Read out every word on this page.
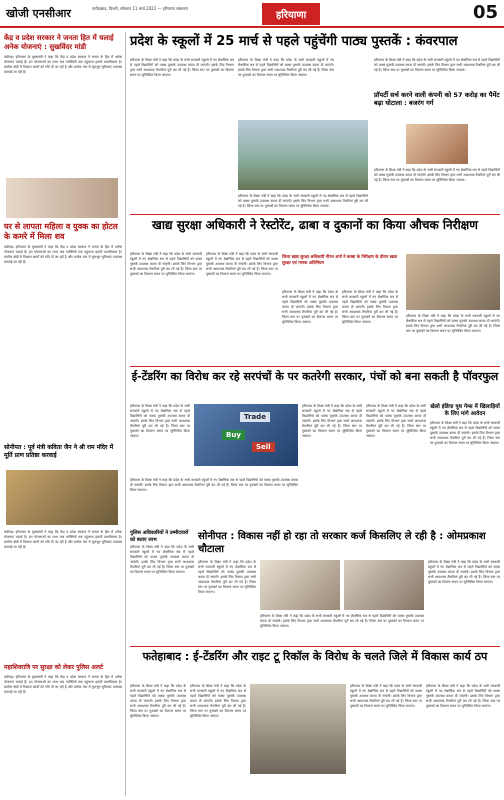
खोजी एनसीआर	फरीदाबाद, दिल्ली, सोमवार 11 मार्च 2022 — हरियाणा संस्करण
हरियाणा	05
केंद्र व प्रदेश सरकार ने जनता हित में चलाई अनेक योजनाएं : सुखविंदर मांडी
चंडीगढ़। हरियाणा के मुख्यमंत्री ने कहा कि केंद्र व प्रदेश सरकार ने जनता के हित में अनेक योजनाएं चलाई हैं। इन योजनाओं का लाभ पात्र व्यक्तियों तक पहुंचाना हमारी प्राथमिकता है। ग्रामीण क्षेत्रों में विकास कार्यों को गति दी जा रही है और प्रत्येक गांव में मूलभूत सुविधाएं उपलब्ध करवाई जा रही हैं।
घर से लापता महिला व युवक का होटल के कमरे में मिला शव
चंडीगढ़। हरियाणा के मुख्यमंत्री ने कहा कि केंद्र व प्रदेश सरकार ने जनता के हित में अनेक योजनाएं चलाई हैं। इन योजनाओं का लाभ पात्र व्यक्तियों तक पहुंचाना हमारी प्राथमिकता है। ग्रामीण क्षेत्रों में विकास कार्यों को गति दी जा रही है और प्रत्येक गांव में मूलभूत सुविधाएं उपलब्ध करवाई जा रही हैं।
सोनीपत : पूर्व मंत्री कविता जैन ने श्री राम मंदिर में मूर्ति प्राण प्रतिष्ठा करवाई
चंडीगढ़। हरियाणा के मुख्यमंत्री ने कहा कि केंद्र व प्रदेश सरकार ने जनता के हित में अनेक योजनाएं चलाई हैं। इन योजनाओं का लाभ पात्र व्यक्तियों तक पहुंचाना हमारी प्राथमिकता है। ग्रामीण क्षेत्रों में विकास कार्यों को गति दी जा रही है और प्रत्येक गांव में मूलभूत सुविधाएं उपलब्ध करवाई जा रही हैं।
महाशिवरात्रि पर सुरक्षा को लेकर पुलिस अलर्ट
चंडीगढ़। हरियाणा के मुख्यमंत्री ने कहा कि केंद्र व प्रदेश सरकार ने जनता के हित में अनेक योजनाएं चलाई हैं। इन योजनाओं का लाभ पात्र व्यक्तियों तक पहुंचाना हमारी प्राथमिकता है। ग्रामीण क्षेत्रों में विकास कार्यों को गति दी जा रही है और प्रत्येक गांव में मूलभूत सुविधाएं उपलब्ध करवाई जा रही हैं।
प्रदेश के स्कूलों में 25 मार्च से पहले पहुंचेंगी पाठ्य पुस्तकें : कंवरपाल
हरियाणा के शिक्षा मंत्री ने कहा कि प्रदेश के सभी सरकारी स्कूलों में नए शैक्षणिक सत्र से पहले विद्यार्थियों को पाठ्य पुस्तकें उपलब्ध करवा दी जाएंगी। इसके लिए विभाग द्वारा सभी आवश्यक तैयारियां पूरी कर ली गई हैं। जिला स्तर पर पुस्तकों का वितरण समय पर सुनिश्चित किया जाएगा।
हरियाणा के शिक्षा मंत्री ने कहा कि प्रदेश के सभी सरकारी स्कूलों में नए शैक्षणिक सत्र से पहले विद्यार्थियों को पाठ्य पुस्तकें उपलब्ध करवा दी जाएंगी। इसके लिए विभाग द्वारा सभी आवश्यक तैयारियां पूरी कर ली गई हैं। जिला स्तर पर पुस्तकों का वितरण समय पर सुनिश्चित किया जाएगा।
हरियाणा के शिक्षा मंत्री ने कहा कि प्रदेश के सभी सरकारी स्कूलों में नए शैक्षणिक सत्र से पहले विद्यार्थियों को पाठ्य पुस्तकें उपलब्ध करवा दी जाएंगी। इसके लिए विभाग द्वारा सभी आवश्यक तैयारियां पूरी कर ली गई हैं। जिला स्तर पर पुस्तकों का वितरण समय पर सुनिश्चित किया जाएगा।
हरियाणा के शिक्षा मंत्री ने कहा कि प्रदेश के सभी सरकारी स्कूलों में नए शैक्षणिक सत्र से पहले विद्यार्थियों को पाठ्य पुस्तकें उपलब्ध करवा दी जाएंगी। इसके लिए विभाग द्वारा सभी आवश्यक तैयारियां पूरी कर ली गई हैं। जिला स्तर पर पुस्तकों का वितरण समय पर सुनिश्चित किया जाएगा।
प्रॉपर्टी सर्च करने वाली कंपनी को 57 करोड़ का पैमेंट बढ़ा घोटाला : बजरंग गर्ग
हरियाणा के शिक्षा मंत्री ने कहा कि प्रदेश के सभी सरकारी स्कूलों में नए शैक्षणिक सत्र से पहले विद्यार्थियों को पाठ्य पुस्तकें उपलब्ध करवा दी जाएंगी। इसके लिए विभाग द्वारा सभी आवश्यक तैयारियां पूरी कर ली गई हैं। जिला स्तर पर पुस्तकों का वितरण समय पर सुनिश्चित किया जाएगा।
खाद्य सुरक्षा अधिकारी ने रेस्टोरेंट, ढाबा व दुकानों का किया औचक निरीक्षण
हरियाणा के शिक्षा मंत्री ने कहा कि प्रदेश के सभी सरकारी स्कूलों में नए शैक्षणिक सत्र से पहले विद्यार्थियों को पाठ्य पुस्तकें उपलब्ध करवा दी जाएंगी। इसके लिए विभाग द्वारा सभी आवश्यक तैयारियां पूरी कर ली गई हैं। जिला स्तर पर पुस्तकों का वितरण समय पर सुनिश्चित किया जाएगा।
हरियाणा के शिक्षा मंत्री ने कहा कि प्रदेश के सभी सरकारी स्कूलों में नए शैक्षणिक सत्र से पहले विद्यार्थियों को पाठ्य पुस्तकें उपलब्ध करवा दी जाएंगी। इसके लिए विभाग द्वारा सभी आवश्यक तैयारियां पूरी कर ली गई हैं। जिला स्तर पर पुस्तकों का वितरण समय पर सुनिश्चित किया जाएगा।
जिला खाद्य सुरक्षा अधिकारी नीरज शर्मा ने कस्बा के निरीक्षण के दौरान खाद्य सुरक्षा एवं मानक अधिनियम
हरियाणा के शिक्षा मंत्री ने कहा कि प्रदेश के सभी सरकारी स्कूलों में नए शैक्षणिक सत्र से पहले विद्यार्थियों को पाठ्य पुस्तकें उपलब्ध करवा दी जाएंगी। इसके लिए विभाग द्वारा सभी आवश्यक तैयारियां पूरी कर ली गई हैं। जिला स्तर पर पुस्तकों का वितरण समय पर सुनिश्चित किया जाएगा।
हरियाणा के शिक्षा मंत्री ने कहा कि प्रदेश के सभी सरकारी स्कूलों में नए शैक्षणिक सत्र से पहले विद्यार्थियों को पाठ्य पुस्तकें उपलब्ध करवा दी जाएंगी। इसके लिए विभाग द्वारा सभी आवश्यक तैयारियां पूरी कर ली गई हैं। जिला स्तर पर पुस्तकों का वितरण समय पर सुनिश्चित किया जाएगा।
हरियाणा के शिक्षा मंत्री ने कहा कि प्रदेश के सभी सरकारी स्कूलों में नए शैक्षणिक सत्र से पहले विद्यार्थियों को पाठ्य पुस्तकें उपलब्ध करवा दी जाएंगी। इसके लिए विभाग द्वारा सभी आवश्यक तैयारियां पूरी कर ली गई हैं। जिला स्तर पर पुस्तकों का वितरण समय पर सुनिश्चित किया जाएगा।
ई-टेंडरिंग का विरोध कर रहे सरपंचों के पर कतरेगी सरकार, पंचों को बना सकती है पॉवरफुल
हरियाणा के शिक्षा मंत्री ने कहा कि प्रदेश के सभी सरकारी स्कूलों में नए शैक्षणिक सत्र से पहले विद्यार्थियों को पाठ्य पुस्तकें उपलब्ध करवा दी जाएंगी। इसके लिए विभाग द्वारा सभी आवश्यक तैयारियां पूरी कर ली गई हैं। जिला स्तर पर पुस्तकों का वितरण समय पर सुनिश्चित किया जाएगा।
Trade
Buy
Sell
हरियाणा के शिक्षा मंत्री ने कहा कि प्रदेश के सभी सरकारी स्कूलों में नए शैक्षणिक सत्र से पहले विद्यार्थियों को पाठ्य पुस्तकें उपलब्ध करवा दी जाएंगी। इसके लिए विभाग द्वारा सभी आवश्यक तैयारियां पूरी कर ली गई हैं। जिला स्तर पर पुस्तकों का वितरण समय पर सुनिश्चित किया जाएगा।
हरियाणा के शिक्षा मंत्री ने कहा कि प्रदेश के सभी सरकारी स्कूलों में नए शैक्षणिक सत्र से पहले विद्यार्थियों को पाठ्य पुस्तकें उपलब्ध करवा दी जाएंगी। इसके लिए विभाग द्वारा सभी आवश्यक तैयारियां पूरी कर ली गई हैं। जिला स्तर पर पुस्तकों का वितरण समय पर सुनिश्चित किया जाएगा।
हरियाणा के शिक्षा मंत्री ने कहा कि प्रदेश के सभी सरकारी स्कूलों में नए शैक्षणिक सत्र से पहले विद्यार्थियों को पाठ्य पुस्तकें उपलब्ध करवा दी जाएंगी। इसके लिए विभाग द्वारा सभी आवश्यक तैयारियां पूरी कर ली गई हैं। जिला स्तर पर पुस्तकों का वितरण समय पर सुनिश्चित किया जाएगा।
खेलो इंडिया यूथ गेम्स में खिलाड़ियों के लिए मांगे आवेदन
हरियाणा के शिक्षा मंत्री ने कहा कि प्रदेश के सभी सरकारी स्कूलों में नए शैक्षणिक सत्र से पहले विद्यार्थियों को पाठ्य पुस्तकें उपलब्ध करवा दी जाएंगी। इसके लिए विभाग द्वारा सभी आवश्यक तैयारियां पूरी कर ली गई हैं। जिला स्तर पर पुस्तकों का वितरण समय पर सुनिश्चित किया जाएगा।
पुलिस अधिकारियों ने उम्मीदवारों को बताए लाभ
हरियाणा के शिक्षा मंत्री ने कहा कि प्रदेश के सभी सरकारी स्कूलों में नए शैक्षणिक सत्र से पहले विद्यार्थियों को पाठ्य पुस्तकें उपलब्ध करवा दी जाएंगी। इसके लिए विभाग द्वारा सभी आवश्यक तैयारियां पूरी कर ली गई हैं। जिला स्तर पर पुस्तकों का वितरण समय पर सुनिश्चित किया जाएगा।
सोनीपत : विकास नहीं हो रहा तो सरकार कर्ज किसलिए ले रही है : ओमप्रकाश चौटाला
हरियाणा के शिक्षा मंत्री ने कहा कि प्रदेश के सभी सरकारी स्कूलों में नए शैक्षणिक सत्र से पहले विद्यार्थियों को पाठ्य पुस्तकें उपलब्ध करवा दी जाएंगी। इसके लिए विभाग द्वारा सभी आवश्यक तैयारियां पूरी कर ली गई हैं। जिला स्तर पर पुस्तकों का वितरण समय पर सुनिश्चित किया जाएगा।
हरियाणा के शिक्षा मंत्री ने कहा कि प्रदेश के सभी सरकारी स्कूलों में नए शैक्षणिक सत्र से पहले विद्यार्थियों को पाठ्य पुस्तकें उपलब्ध करवा दी जाएंगी। इसके लिए विभाग द्वारा सभी आवश्यक तैयारियां पूरी कर ली गई हैं। जिला स्तर पर पुस्तकों का वितरण समय पर सुनिश्चित किया जाएगा।
हरियाणा के शिक्षा मंत्री ने कहा कि प्रदेश के सभी सरकारी स्कूलों में नए शैक्षणिक सत्र से पहले विद्यार्थियों को पाठ्य पुस्तकें उपलब्ध करवा दी जाएंगी। इसके लिए विभाग द्वारा सभी आवश्यक तैयारियां पूरी कर ली गई हैं। जिला स्तर पर पुस्तकों का वितरण समय पर सुनिश्चित किया जाएगा।
फतेहाबाद : ई-टेंडरिंग और राइट टू रिकॉल के विरोध के चलते जिले में विकास कार्य ठप
हरियाणा के शिक्षा मंत्री ने कहा कि प्रदेश के सभी सरकारी स्कूलों में नए शैक्षणिक सत्र से पहले विद्यार्थियों को पाठ्य पुस्तकें उपलब्ध करवा दी जाएंगी। इसके लिए विभाग द्वारा सभी आवश्यक तैयारियां पूरी कर ली गई हैं। जिला स्तर पर पुस्तकों का वितरण समय पर सुनिश्चित किया जाएगा।
हरियाणा के शिक्षा मंत्री ने कहा कि प्रदेश के सभी सरकारी स्कूलों में नए शैक्षणिक सत्र से पहले विद्यार्थियों को पाठ्य पुस्तकें उपलब्ध करवा दी जाएंगी। इसके लिए विभाग द्वारा सभी आवश्यक तैयारियां पूरी कर ली गई हैं। जिला स्तर पर पुस्तकों का वितरण समय पर सुनिश्चित किया जाएगा।
हरियाणा के शिक्षा मंत्री ने कहा कि प्रदेश के सभी सरकारी स्कूलों में नए शैक्षणिक सत्र से पहले विद्यार्थियों को पाठ्य पुस्तकें उपलब्ध करवा दी जाएंगी। इसके लिए विभाग द्वारा सभी आवश्यक तैयारियां पूरी कर ली गई हैं। जिला स्तर पर पुस्तकों का वितरण समय पर सुनिश्चित किया जाएगा।
हरियाणा के शिक्षा मंत्री ने कहा कि प्रदेश के सभी सरकारी स्कूलों में नए शैक्षणिक सत्र से पहले विद्यार्थियों को पाठ्य पुस्तकें उपलब्ध करवा दी जाएंगी। इसके लिए विभाग द्वारा सभी आवश्यक तैयारियां पूरी कर ली गई हैं। जिला स्तर पर पुस्तकों का वितरण समय पर सुनिश्चित किया जाएगा।
